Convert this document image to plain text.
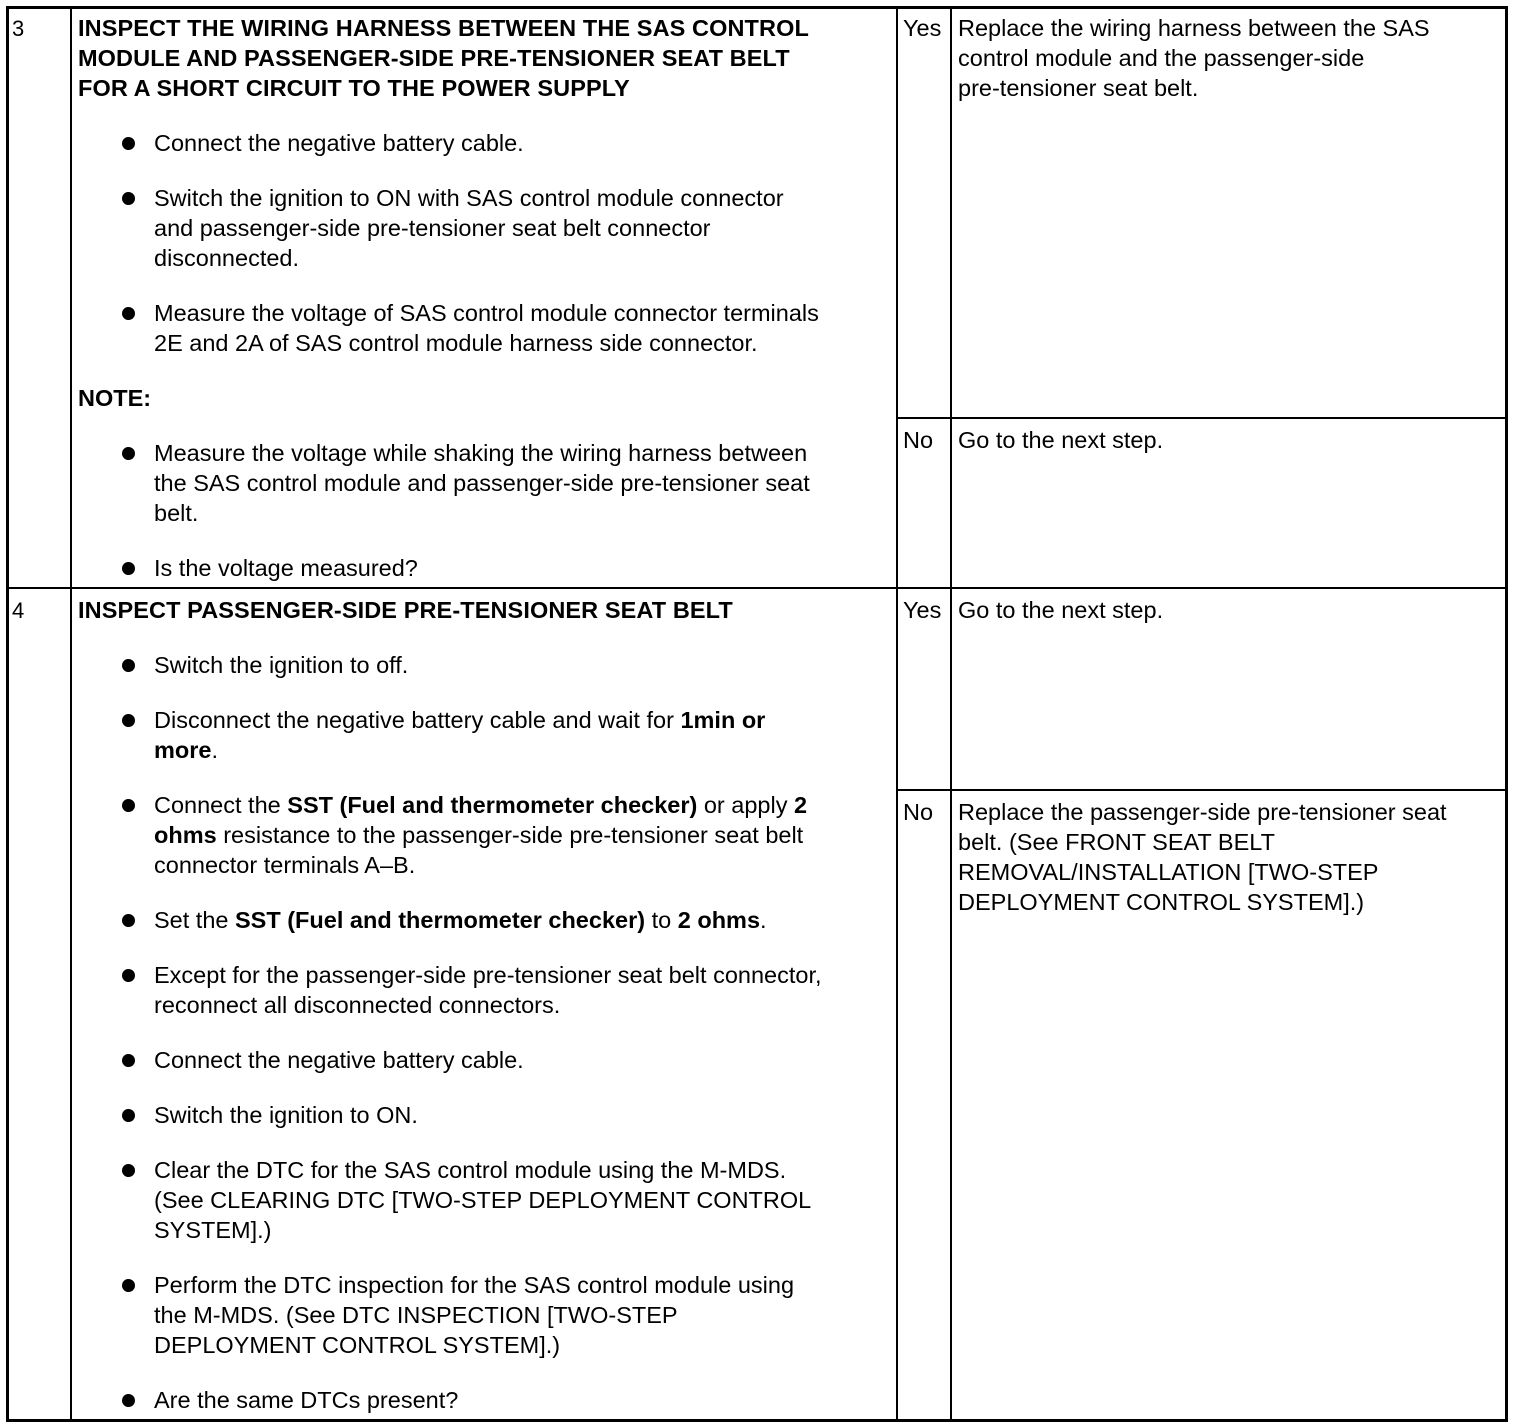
3 INSPECT THE WIRING HARNESS BETWEEN THE SAS CONTROL
MODULE AND PASSENGER-SIDE PRE-TENSIONER SEAT BELT
FOR A SHORT CIRCUIT TO THE POWER SUPPLY
Connect the negative battery cable.
Switch the ignition to ON with SAS control module connector
and passenger-side pre-tensioner seat belt connector
disconnected.
Measure the voltage of SAS control module connector terminals
2E and 2A of SAS control module harness side connector.
NOTE:
Measure the voltage while shaking the wiring harness between
the SAS control module and passenger-side pre-tensioner seat
belt.
Is the voltage measured?
Yes Replace the wiring harness between the SAS
control module and the passenger-side
pre-tensioner seat belt.
No Go to the next step.
4 INSPECT PASSENGER-SIDE PRE-TENSIONER SEAT BELT
Switch the ignition to off.
Disconnect the negative battery cable and wait for 1min or
more.
Connect the SST (Fuel and thermometer checker) or apply 2
ohms resistance to the passenger-side pre-tensioner seat belt
connector terminals A–B.
Set the SST (Fuel and thermometer checker) to 2 ohms.
Except for the passenger-side pre-tensioner seat belt connector,
reconnect all disconnected connectors.
Connect the negative battery cable.
Switch the ignition to ON.
Clear the DTC for the SAS control module using the M-MDS.
(See CLEARING DTC [TWO-STEP DEPLOYMENT CONTROL
SYSTEM].)
Perform the DTC inspection for the SAS control module using
the M-MDS. (See DTC INSPECTION [TWO-STEP
DEPLOYMENT CONTROL SYSTEM].)
Are the same DTCs present?
Yes Go to the next step.
No Replace the passenger-side pre-tensioner seat
belt. (See FRONT SEAT BELT
REMOVAL/INSTALLATION [TWO-STEP
DEPLOYMENT CONTROL SYSTEM].)
